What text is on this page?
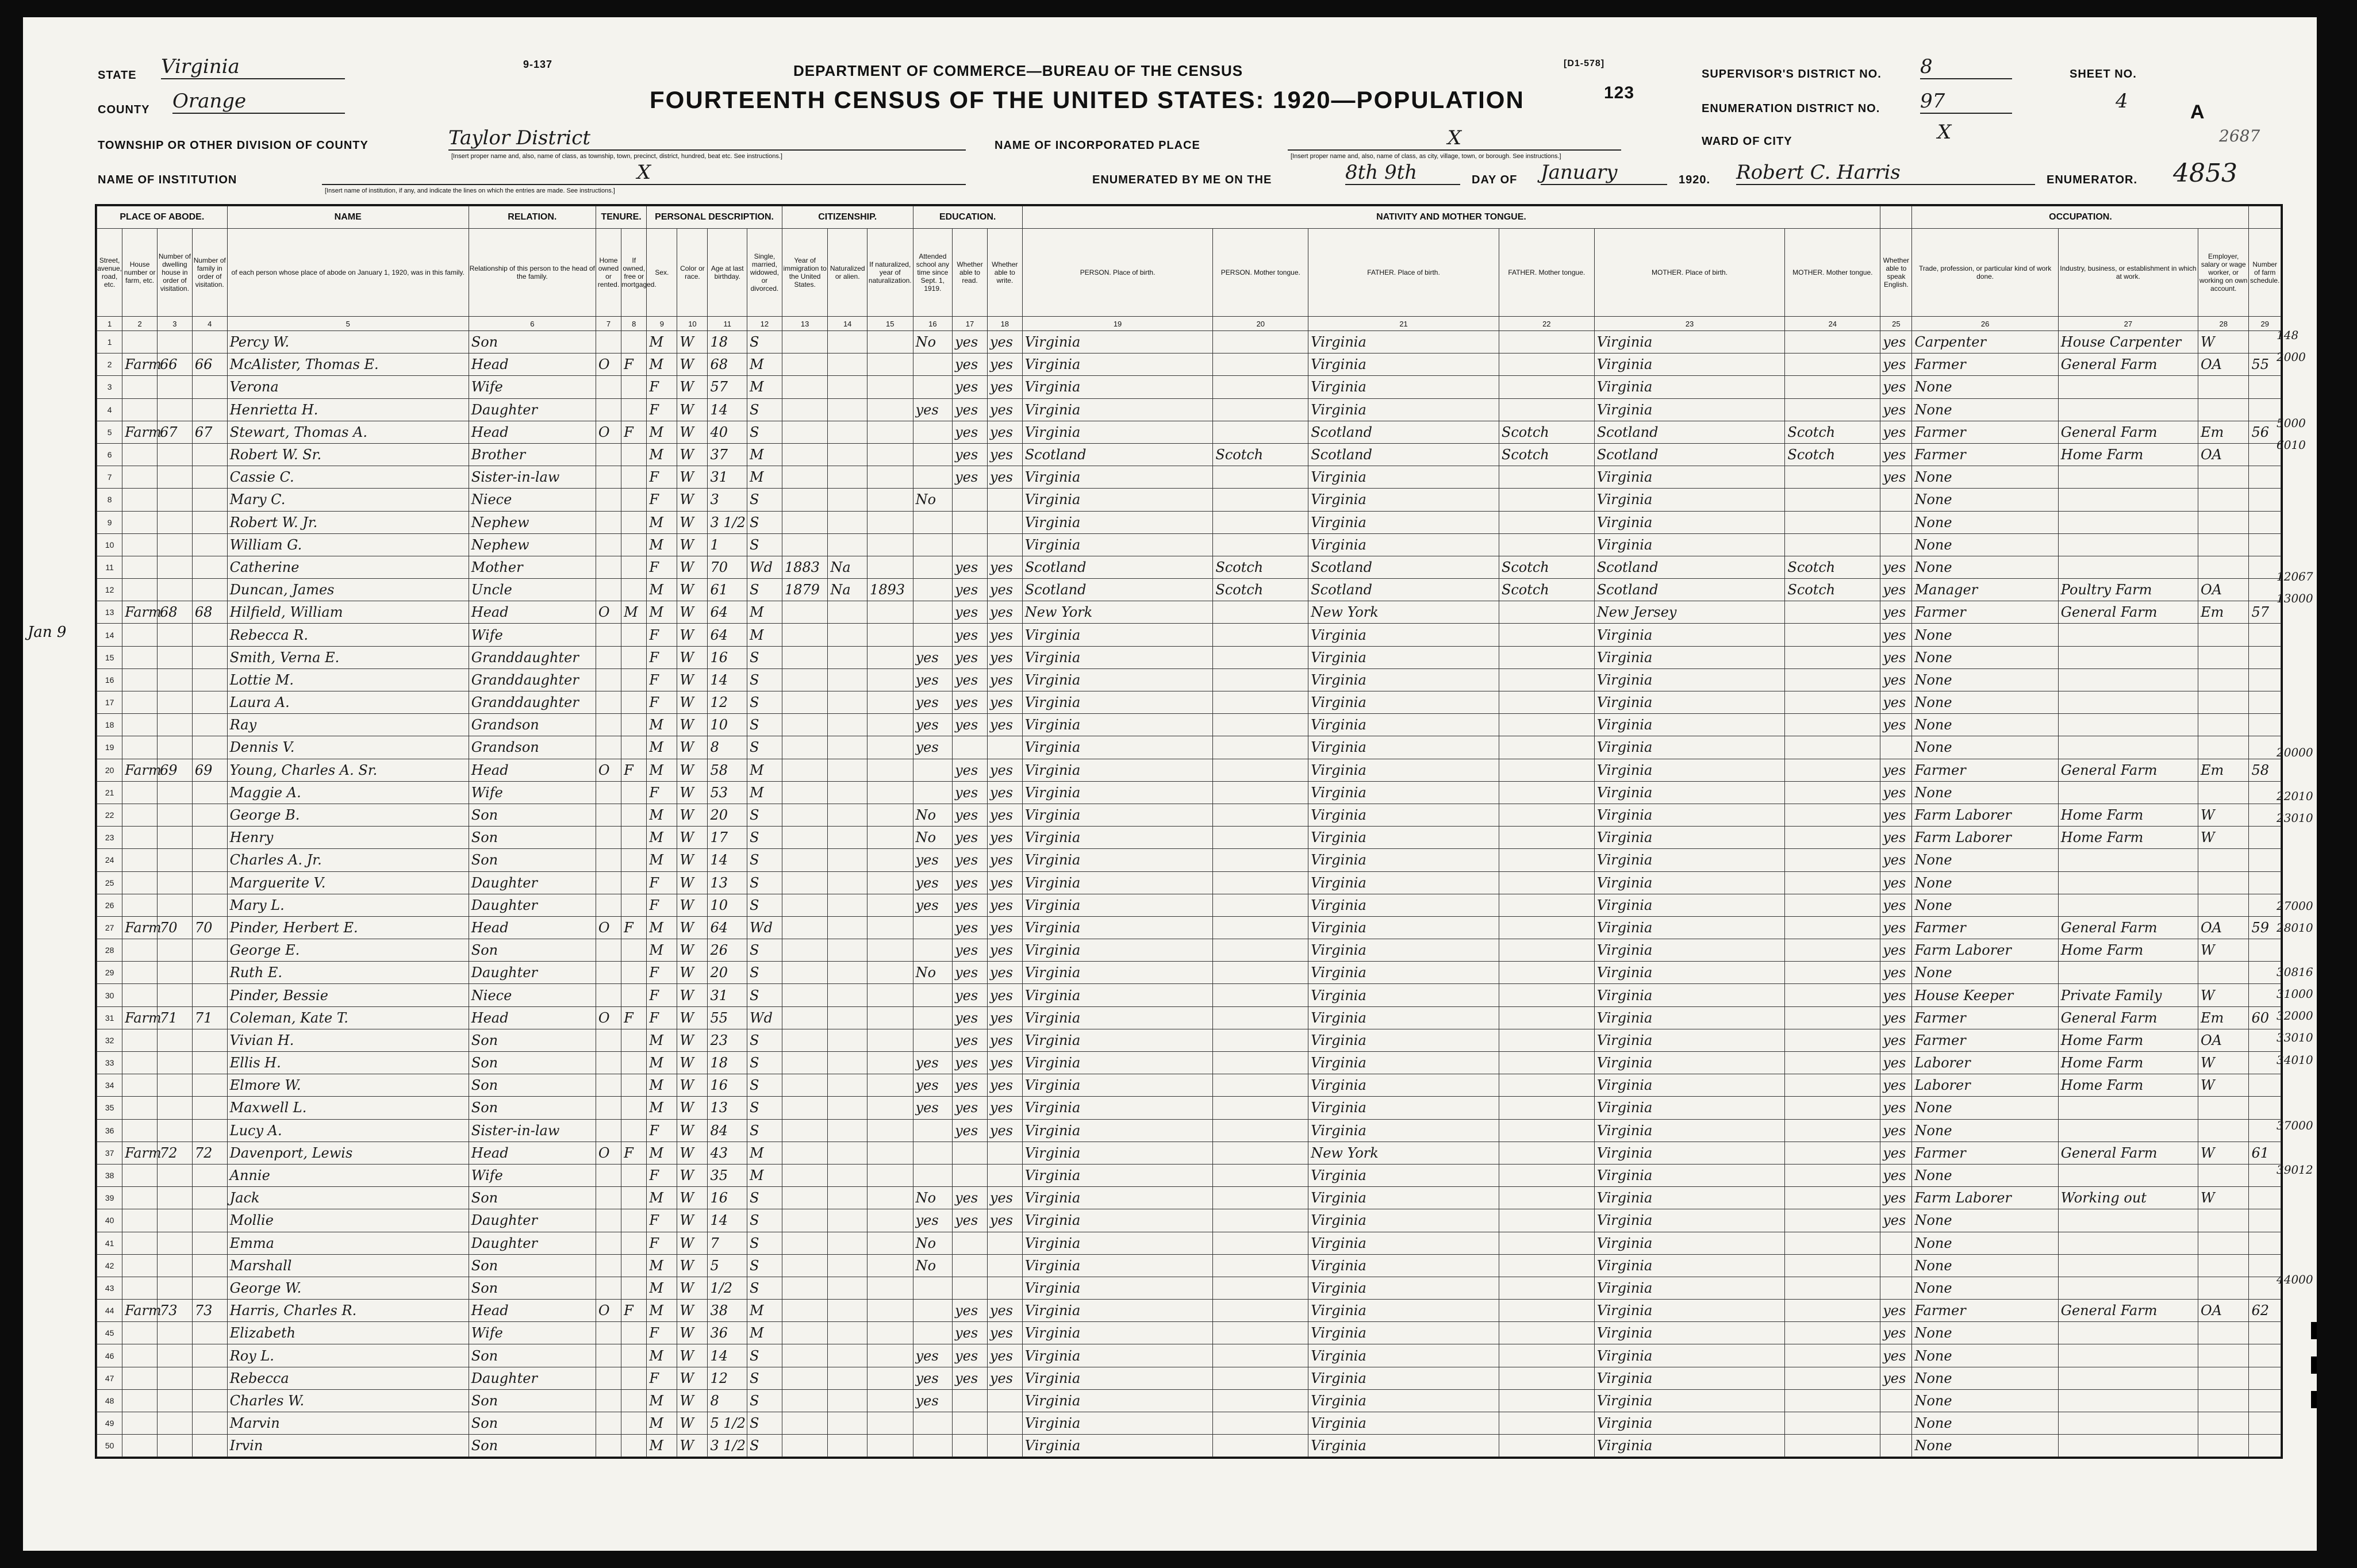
STATE Virginia
COUNTY Orange
9-137	DEPARTMENT OF COMMERCE—BUREAU OF THE CENSUS
FOURTEENTH CENSUS OF THE UNITED STATES: 1920—POPULATION
[D1-578]
123
SUPERVISOR'S DISTRICT NO. 8
ENUMERATION DISTRICT NO. 97
WARD OF CITY	X
SHEET NO.
4	A
2687
TOWNSHIP OR OTHER DIVISION OF COUNTY	Taylor District
[Insert proper name and, also, name of class, as township, town, precinct, district, hundred, beat etc. See instructions.]
NAME OF INCORPORATED PLACE	X
[Insert proper name and, also, name of class, as city, village, town, or borough. See instructions.]
NAME OF INSTITUTION	X
[Insert name of institution, if any, and indicate the lines on which the entries are made. See instructions.]
ENUMERATED BY ME ON THE	8th 9th	DAY OF January	1920. Robert C. Harris	ENUMERATOR. 4853
Jan 9
PLACE OF ABODE.				NAME	RELATION.	TENURE.		PERSONAL DESCRIPTION.				CITIZENSHIP.			EDUCATION.			NATIVITY AND MOTHER TONGUE.							OCCUPATION.			
Street, avenue, road, etc.	House number or farm, etc.	Number of dwelling house in order of visitation.	Number of family in order of visitation.	of each person whose place of abode on January 1, 1920, was in this family.	Relationship of this person to the head of the family.	Home owned or rented.	If owned, free or mortgaged.	Sex.	Color or race.	Age at last birthday.	Single, married, widowed, or divorced.	Year of immigration to the United States.	Naturalized or alien.	If naturalized, year of naturalization.	Attended school any time since Sept. 1, 1919.	Whether able to read.	Whether able to write.	PERSON. Place of birth.	PERSON. Mother tongue.	FATHER. Place of birth.	FATHER. Mother tongue.	MOTHER. Place of birth.	MOTHER. Mother tongue.	Whether able to speak English.	Trade, profession, or particular kind of work done.	Industry, business, or establishment in which at work.	Employer, salary or wage worker, or working on own account.	Number of farm schedule.
1	2	3	4	5	6	7	8	9	10	11	12	13	14	15	16	17	18	19	20	21	22	23	24	25	26	27	28	29
1				Percy W.	Son			M	W	18	S				No	yes	yes	Virginia		Virginia		Virginia		yes	Carpenter	House Carpenter	W	
2	Farm	66	66	McAlister, Thomas E.	Head	O	F	M	W	68	M					yes	yes	Virginia		Virginia		Virginia		yes	Farmer	General Farm	OA	55
3				Verona	Wife			F	W	57	M					yes	yes	Virginia		Virginia		Virginia		yes	None			
4				Henrietta H.	Daughter			F	W	14	S				yes	yes	yes	Virginia		Virginia		Virginia		yes	None			
5	Farm	67	67	Stewart, Thomas A.	Head	O	F	M	W	40	S					yes	yes	Virginia		Scotland	Scotch	Scotland	Scotch	yes	Farmer	General Farm	Em	56
6				Robert W. Sr.	Brother			M	W	37	M					yes	yes	Scotland	Scotch	Scotland	Scotch	Scotland	Scotch	yes	Farmer	Home Farm	OA	
7				Cassie C.	Sister-in-law			F	W	31	M					yes	yes	Virginia		Virginia		Virginia		yes	None			
8				Mary C.	Niece			F	W	3	S				No			Virginia		Virginia		Virginia			None			
9				Robert W. Jr.	Nephew			M	W	3 1/2	S							Virginia		Virginia		Virginia			None			
10				William G.	Nephew			M	W	1	S							Virginia		Virginia		Virginia			None			
11				Catherine	Mother			F	W	70	Wd	1883	Na			yes	yes	Scotland	Scotch	Scotland	Scotch	Scotland	Scotch	yes	None			
12				Duncan, James	Uncle			M	W	61	S	1879	Na	1893		yes	yes	Scotland	Scotch	Scotland	Scotch	Scotland	Scotch	yes	Manager	Poultry Farm	OA	
13	Farm	68	68	Hilfield, William	Head	O	M	M	W	64	M					yes	yes	New York		New York		New Jersey		yes	Farmer	General Farm	Em	57
14				Rebecca R.	Wife			F	W	64	M					yes	yes	Virginia		Virginia		Virginia		yes	None			
15				Smith, Verna E.	Granddaughter			F	W	16	S				yes	yes	yes	Virginia		Virginia		Virginia		yes	None			
16				Lottie M.	Granddaughter			F	W	14	S				yes	yes	yes	Virginia		Virginia		Virginia		yes	None			
17				Laura A.	Granddaughter			F	W	12	S				yes	yes	yes	Virginia		Virginia		Virginia		yes	None			
18				Ray	Grandson			M	W	10	S				yes	yes	yes	Virginia		Virginia		Virginia		yes	None			
19				Dennis V.	Grandson			M	W	8	S				yes			Virginia		Virginia		Virginia			None			
20	Farm	69	69	Young, Charles A. Sr.	Head	O	F	M	W	58	M					yes	yes	Virginia		Virginia		Virginia		yes	Farmer	General Farm	Em	58
21				Maggie A.	Wife			F	W	53	M					yes	yes	Virginia		Virginia		Virginia		yes	None			
22				George B.	Son			M	W	20	S				No	yes	yes	Virginia		Virginia		Virginia		yes	Farm Laborer	Home Farm	W	
23				Henry	Son			M	W	17	S				No	yes	yes	Virginia		Virginia		Virginia		yes	Farm Laborer	Home Farm	W	
24				Charles A. Jr.	Son			M	W	14	S				yes	yes	yes	Virginia		Virginia		Virginia		yes	None			
25				Marguerite V.	Daughter			F	W	13	S				yes	yes	yes	Virginia		Virginia		Virginia		yes	None			
26				Mary L.	Daughter			F	W	10	S				yes	yes	yes	Virginia		Virginia		Virginia		yes	None			
27	Farm	70	70	Pinder, Herbert E.	Head	O	F	M	W	64	Wd					yes	yes	Virginia		Virginia		Virginia		yes	Farmer	General Farm	OA	59
28				George E.	Son			M	W	26	S					yes	yes	Virginia		Virginia		Virginia		yes	Farm Laborer	Home Farm	W	
29				Ruth E.	Daughter			F	W	20	S				No	yes	yes	Virginia		Virginia		Virginia		yes	None			
30				Pinder, Bessie	Niece			F	W	31	S					yes	yes	Virginia		Virginia		Virginia		yes	House Keeper	Private Family	W	
31	Farm	71	71	Coleman, Kate T.	Head	O	F	F	W	55	Wd					yes	yes	Virginia		Virginia		Virginia		yes	Farmer	General Farm	Em	60
32				Vivian H.	Son			M	W	23	S					yes	yes	Virginia		Virginia		Virginia		yes	Farmer	Home Farm	OA	
33				Ellis H.	Son			M	W	18	S				yes	yes	yes	Virginia		Virginia		Virginia		yes	Laborer	Home Farm	W	
34				Elmore W.	Son			M	W	16	S				yes	yes	yes	Virginia		Virginia		Virginia		yes	Laborer	Home Farm	W	
35				Maxwell L.	Son			M	W	13	S				yes	yes	yes	Virginia		Virginia		Virginia		yes	None			
36				Lucy A.	Sister-in-law			F	W	84	S					yes	yes	Virginia		Virginia		Virginia		yes	None			
37	Farm	72	72	Davenport, Lewis	Head	O	F	M	W	43	M							Virginia		New York		Virginia		yes	Farmer	General Farm	W	61
38				Annie	Wife			F	W	35	M							Virginia		Virginia		Virginia		yes	None			
39				Jack	Son			M	W	16	S				No	yes	yes	Virginia		Virginia		Virginia		yes	Farm Laborer	Working out	W	
40				Mollie	Daughter			F	W	14	S				yes	yes	yes	Virginia		Virginia		Virginia		yes	None			
41				Emma	Daughter			F	W	7	S				No			Virginia		Virginia		Virginia			None			
42				Marshall	Son			M	W	5	S				No			Virginia		Virginia		Virginia			None			
43				George W.	Son			M	W	1/2	S							Virginia		Virginia		Virginia			None			
44	Farm	73	73	Harris, Charles R.	Head	O	F	M	W	38	M					yes	yes	Virginia		Virginia		Virginia		yes	Farmer	General Farm	OA	62
45				Elizabeth	Wife			F	W	36	M					yes	yes	Virginia		Virginia		Virginia		yes	None			
46				Roy L.	Son			M	W	14	S				yes	yes	yes	Virginia		Virginia		Virginia		yes	None			
47				Rebecca	Daughter			F	W	12	S				yes	yes	yes	Virginia		Virginia		Virginia		yes	None			
48				Charles W.	Son			M	W	8	S				yes			Virginia		Virginia		Virginia			None			
49				Marvin	Son			M	W	5 1/2	S							Virginia		Virginia		Virginia			None			
50				Irvin	Son			M	W	3 1/2	S							Virginia		Virginia		Virginia			None			
148
2000
5000
6010
12067
13000
20000
22010
23010
27000
28010
30816
31000
32000
33010
34010
37000
39012
44000
